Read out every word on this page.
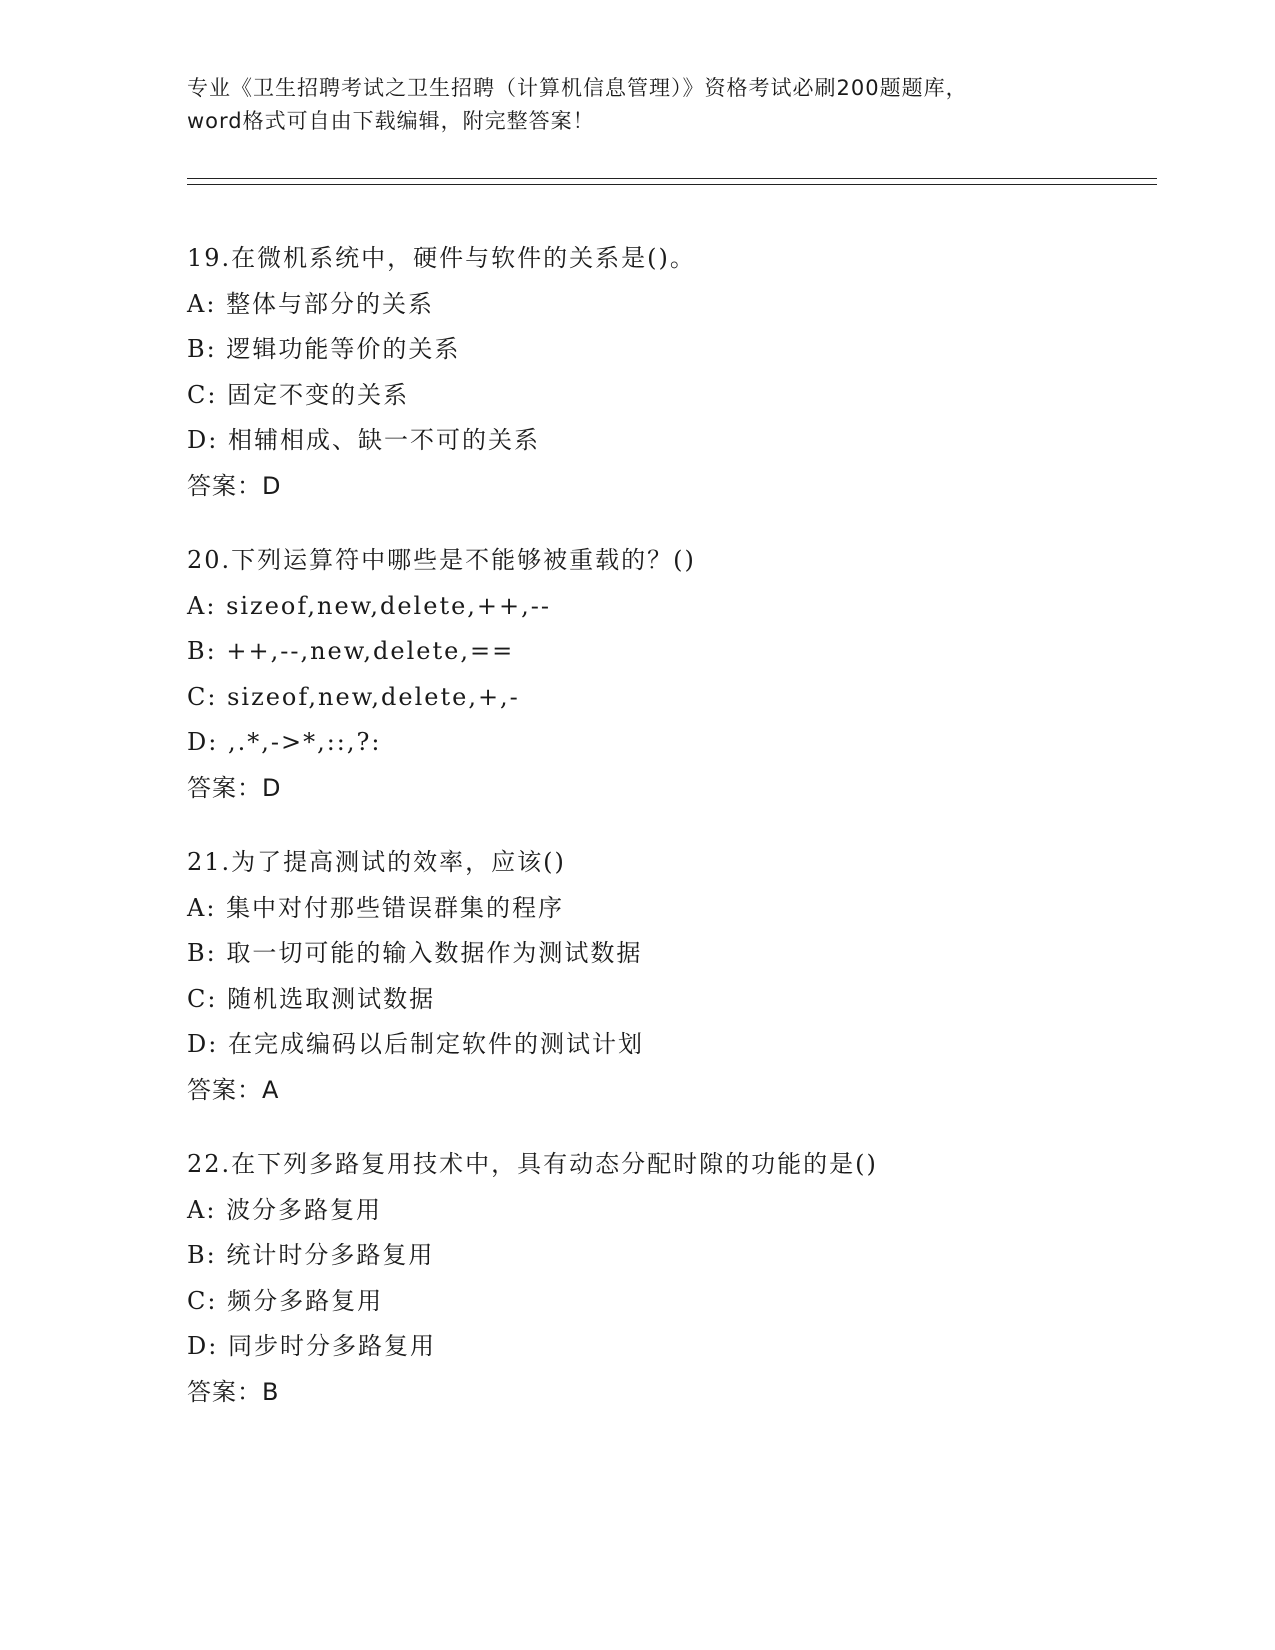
专业《卫生招聘考试之卫生招聘（计算机信息管理）》资格考试必刷200题题库，
word格式可自由下载编辑，附完整答案！
19.在微机系统中，硬件与软件的关系是()。
A: 整体与部分的关系
B: 逻辑功能等价的关系
C: 固定不变的关系
D: 相辅相成、缺一不可的关系
答案：D
20.下列运算符中哪些是不能够被重载的？()
A: sizeof,new,delete,++,--
B: ++,--,new,delete,==
C: sizeof,new,delete,+,-
D: ,.*,->*,::,?:
答案：D
21.为了提高测试的效率，应该()
A: 集中对付那些错误群集的程序
B: 取一切可能的输入数据作为测试数据
C: 随机选取测试数据
D: 在完成编码以后制定软件的测试计划
答案：A
22.在下列多路复用技术中，具有动态分配时隙的功能的是()
A: 波分多路复用
B: 统计时分多路复用
C: 频分多路复用
D: 同步时分多路复用
答案：B
